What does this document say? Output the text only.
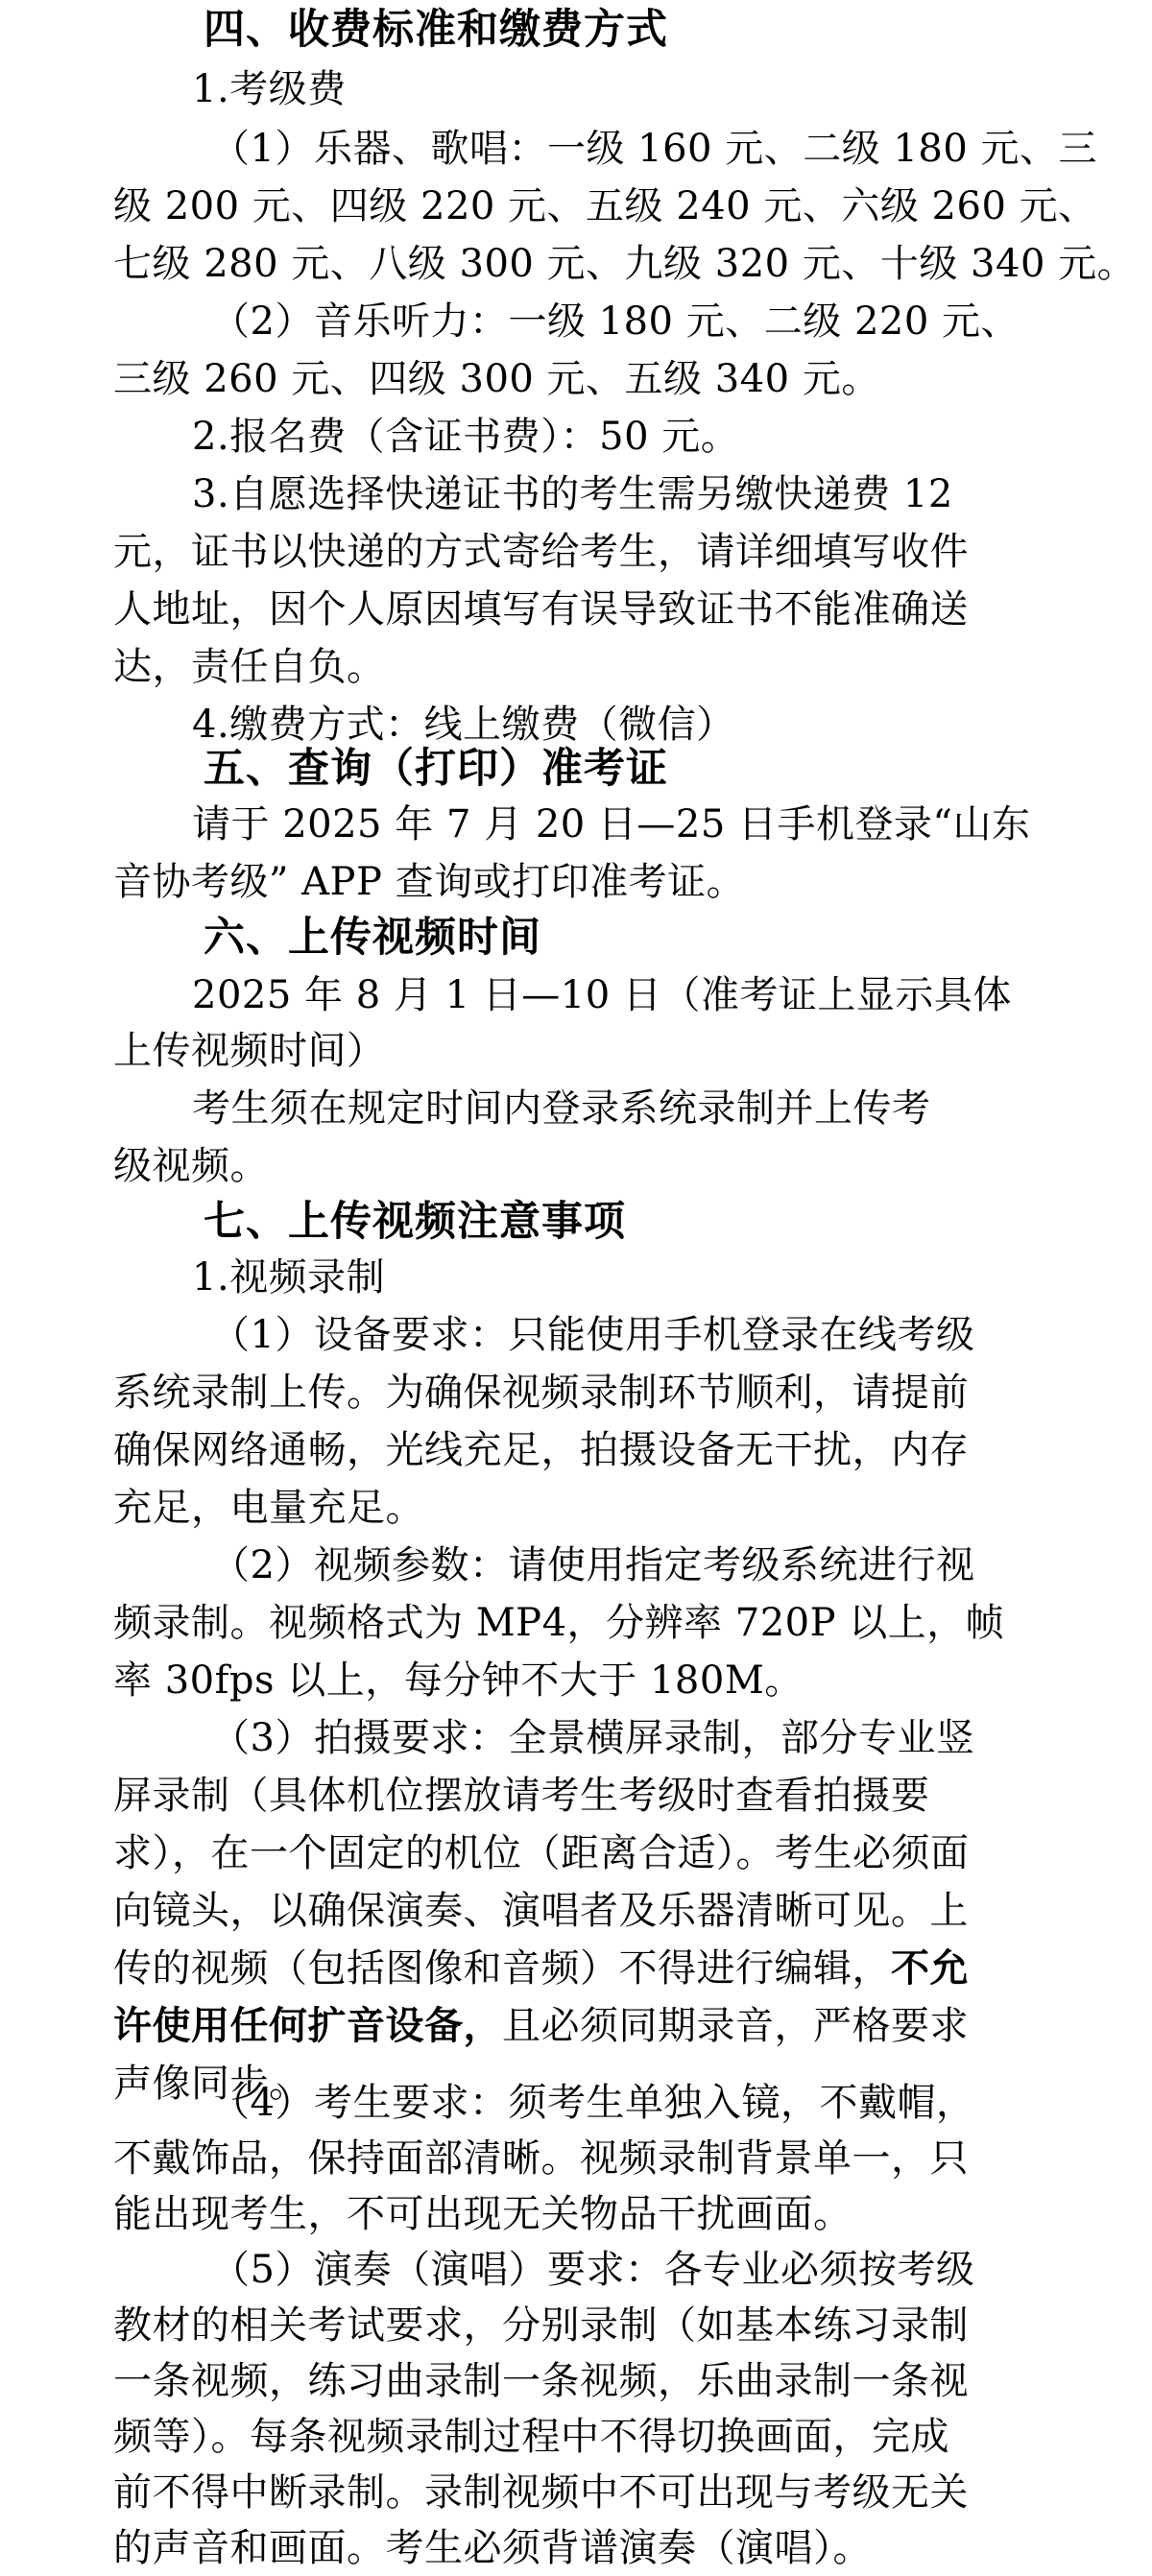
四、收费标准和缴费方式
1.考级费
（1）乐器、歌唱：一级 160 元、二级 180 元、三
级 200 元、四级 220 元、五级 240 元、六级 260 元、
七级 280 元、八级 300 元、九级 320 元、十级 340 元。
（2）音乐听力：一级 180 元、二级 220 元、
三级 260 元、四级 300 元、五级 340 元。
2.报名费（含证书费）：50 元。
3.自愿选择快递证书的考生需另缴快递费 12
元，证书以快递的方式寄给考生，请详细填写收件
人地址，因个人原因填写有误导致证书不能准确送
达，责任自负。
4.缴费方式：线上缴费（微信）
五、查询（打印）准考证
请于 2025 年 7 月 20 日—25 日手机登录“山东
音协考级” APP 查询或打印准考证。
六、上传视频时间
2025 年 8 月 1 日—10 日（准考证上显示具体
上传视频时间）
考生须在规定时间内登录系统录制并上传考
级视频。
七、上传视频注意事项
1.视频录制
（1）设备要求：只能使用手机登录在线考级
系统录制上传。为确保视频录制环节顺利，请提前
确保网络通畅，光线充足，拍摄设备无干扰，内存
充足，电量充足。
（2）视频参数：请使用指定考级系统进行视
频录制。视频格式为 MP4，分辨率 720P 以上，帧
率 30fps 以上，每分钟不大于 180M。
（3）拍摄要求：全景横屏录制，部分专业竖
屏录制（具体机位摆放请考生考级时查看拍摄要
求），在一个固定的机位（距离合适）。考生必须面
向镜头，以确保演奏、演唱者及乐器清晰可见。上
传的视频（包括图像和音频）不得进行编辑，不允
许使用任何扩音设备，且必须同期录音，严格要求
声像同步。
（4）考生要求：须考生单独入镜，不戴帽，
不戴饰品，保持面部清晰。视频录制背景单一，只
能出现考生，不可出现无关物品干扰画面。
（5）演奏（演唱）要求：各专业必须按考级
教材的相关考试要求，分别录制（如基本练习录制
一条视频，练习曲录制一条视频，乐曲录制一条视
频等）。每条视频录制过程中不得切换画面，完成
前不得中断录制。录制视频中不可出现与考级无关
的声音和画面。考生必须背谱演奏（演唱）。
